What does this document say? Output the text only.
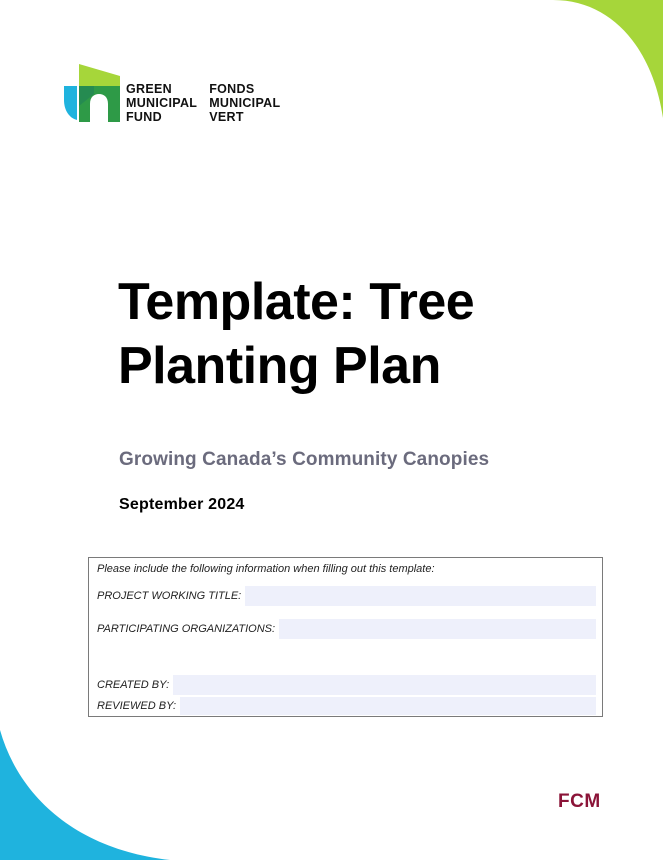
GREEN
MUNICIPAL
FUND
FONDS
MUNICIPAL
VERT
Template: Tree
Planting Plan

Growing Canada’s Community Canopies

September 2024

Please include the following information when filling out this template:
PROJECT WORKING TITLE:
PARTICIPATING ORGANIZATIONS:
CREATED BY:
REVIEWED BY:
FCM
